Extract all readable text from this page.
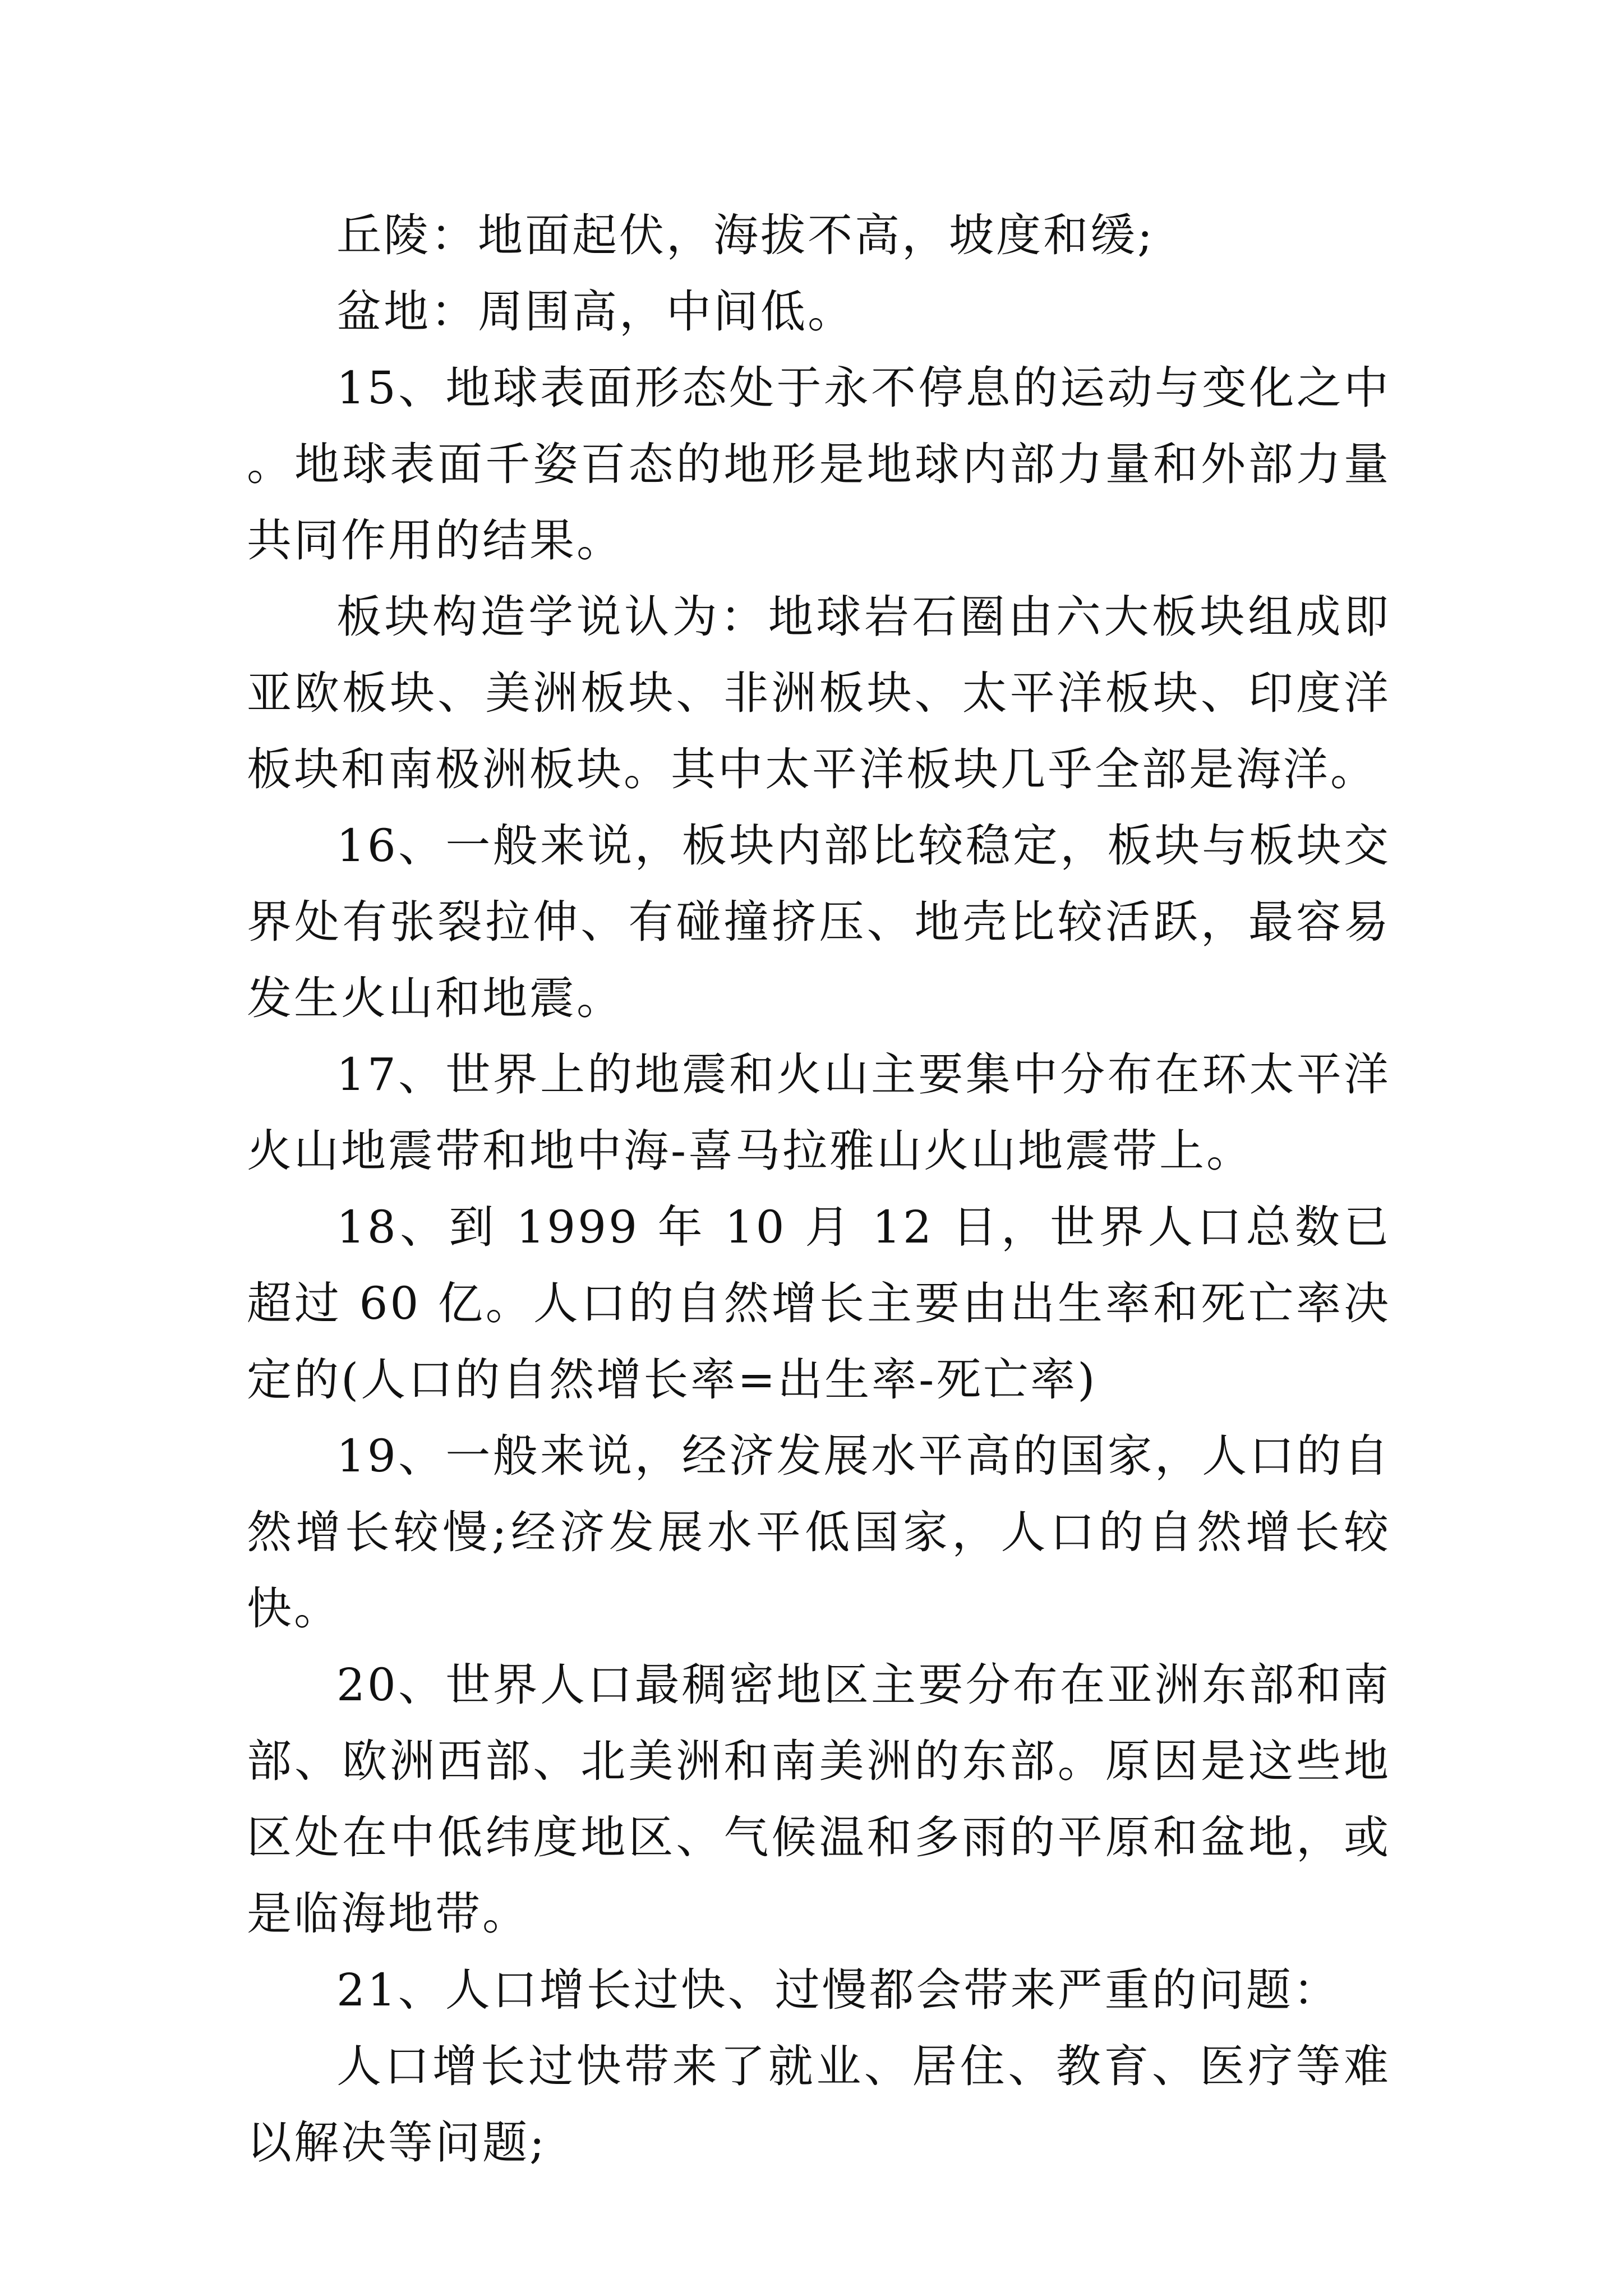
丘陵：地面起伏，海拔不高，坡度和缓;

盆地：周围高，中间低。

15、地球表面形态处于永不停息的运动与变化之中。地球表面千姿百态的地形是地球内部力量和外部力量共同作用的结果。

板块构造学说认为：地球岩石圈由六大板块组成即亚欧板块、美洲板块、非洲板块、太平洋板块、印度洋板块和南极洲板块。其中太平洋板块几乎全部是海洋。

16、一般来说，板块内部比较稳定，板块与板块交界处有张裂拉伸、有碰撞挤压、地壳比较活跃，最容易发生火山和地震。

17、世界上的地震和火山主要集中分布在环太平洋火山地震带和地中海-喜马拉雅山火山地震带上。

18、到 1999 年 10 月 12 日，世界人口总数已超过 60 亿。人口的自然增长主要由出生率和死亡率决定的(人口的自然增长率=出生率-死亡率)

19、一般来说，经济发展水平高的国家，人口的自然增长较慢;经济发展水平低国家，人口的自然增长较快。

20、世界人口最稠密地区主要分布在亚洲东部和南部、欧洲西部、北美洲和南美洲的东部。原因是这些地区处在中低纬度地区、气候温和多雨的平原和盆地，或是临海地带。

21、人口增长过快、过慢都会带来严重的问题：

人口增长过快带来了就业、居住、教育、医疗等难以解决等问题;
